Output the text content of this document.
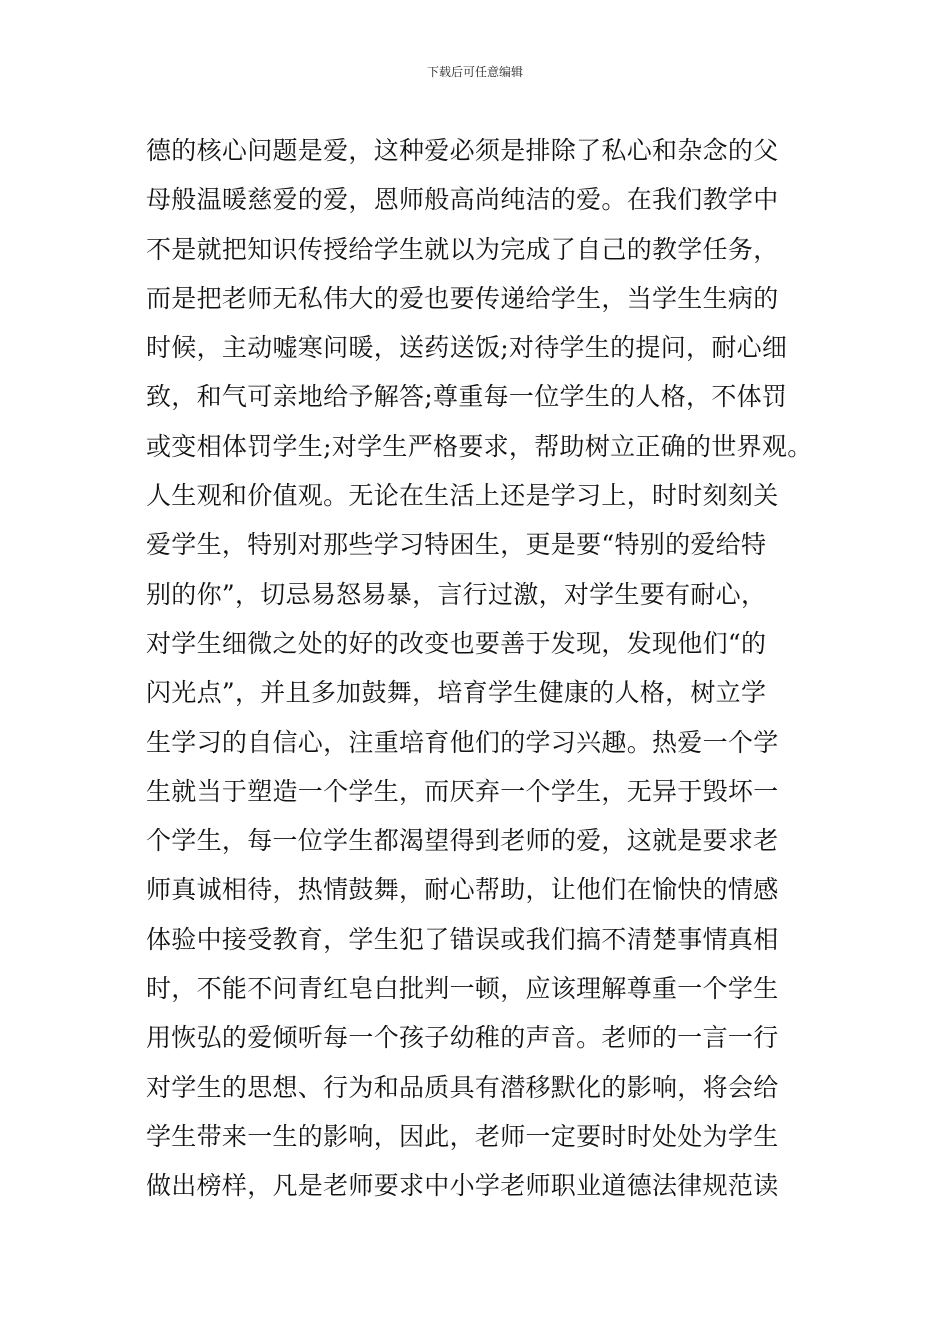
下载后可任意编辑
德的核心问题是爱，这种爱必须是排除了私心和杂念的父
母般温暖慈爱的爱，恩师般高尚纯洁的爱。在我们教学中
不是就把知识传授给学生就以为完成了自己的教学任务，
而是把老师无私伟大的爱也要传递给学生，当学生生病的
时候，主动嘘寒问暖，送药送饭;对待学生的提问，耐心细
致，和气可亲地给予解答;尊重每一位学生的人格，不体罚
或变相体罚学生;对学生严格要求，帮助树立正确的世界观。
人生观和价值观。无论在生活上还是学习上，时时刻刻关
爱学生，特别对那些学习特困生，更是要“特别的爱给特
别的你”，切忌易怒易暴，言行过激，对学生要有耐心，
对学生细微之处的好的改变也要善于发现，发现他们“的
闪光点”，并且多加鼓舞，培育学生健康的人格，树立学
生学习的自信心，注重培育他们的学习兴趣。热爱一个学
生就当于塑造一个学生，而厌弃一个学生，无异于毁坏一
个学生，每一位学生都渴望得到老师的爱，这就是要求老
师真诚相待，热情鼓舞，耐心帮助，让他们在愉快的情感
体验中接受教育，学生犯了错误或我们搞不清楚事情真相
时，不能不问青红皂白批判一顿，应该理解尊重一个学生
用恢弘的爱倾听每一个孩子幼稚的声音。老师的一言一行
对学生的思想、行为和品质具有潜移默化的影响，将会给
学生带来一生的影响，因此，老师一定要时时处处为学生
做出榜样，凡是老师要求中小学老师职业道德法律规范读
